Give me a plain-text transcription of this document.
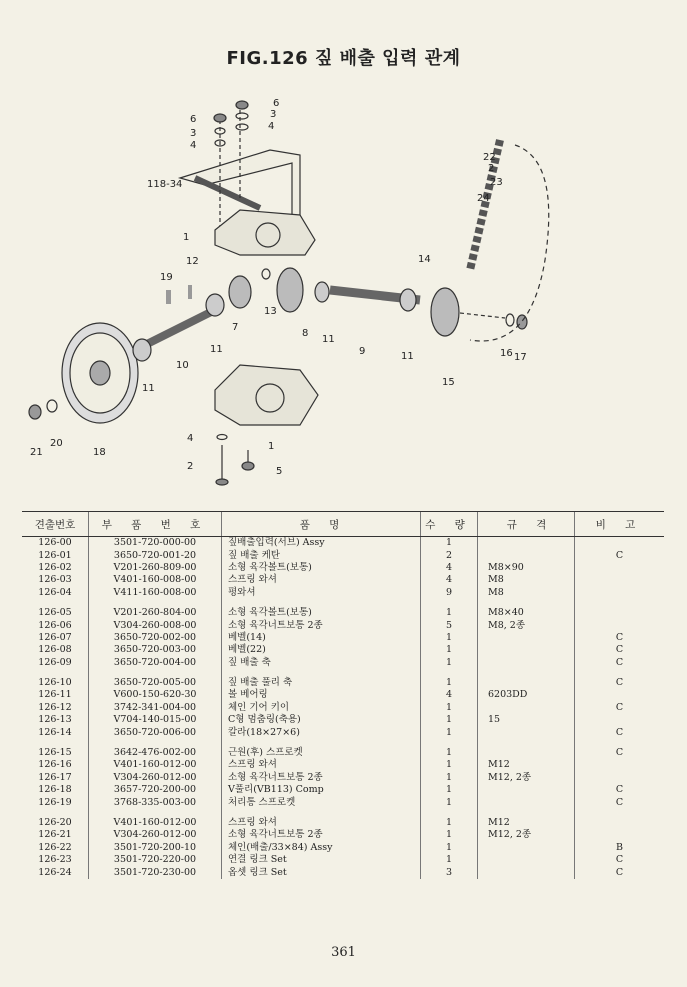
FIG.126 짚 배출 입력 관계
6
3
4
6
3
4
118-34
1
19
12
7
13
8
11
9	11
14
15
16 17
22
2
23
24
11
10
11
18
20
21
4
2	5
1
견출번호	부 품 번 호	품 명	수 량	규 격	비 고
126-00	3501-720-000-00	짚배출입력(서브) Assy	1		
126-01	3650-720-001-20	짚 배출 케탄	2		C
126-02	V201-260-809-00	소형 육각볼트(보통)	4	M8×90	
126-03	V401-160-008-00	스프링 와셔	4	M8	
126-04	V411-160-008-00	평와셔	9	M8	

126-05	V201-260-804-00	소형 육각볼트(보통)	1	M8×40	
126-06	V304-260-008-00	소형 육각너트보통 2종	5	M8, 2종	
126-07	3650-720-002-00	베벨(14)	1		C
126-08	3650-720-003-00	베벨(22)	1		C
126-09	3650-720-004-00	짚 배출 축	1		C

126-10	3650-720-005-00	짚 배출 풀리 축	1		C
126-11	V600-150-620-30	볼 베어링	4	6203DD	
126-12	3742-341-004-00	체인 기어 키이	1		C
126-13	V704-140-015-00	C형 멈춤링(축용)	1	15	
126-14	3650-720-006-00	칼라(18×27×6)	1		C

126-15	3642-476-002-00	근원(후) 스프로켓	1		C
126-16	V401-160-012-00	스프링 와셔	1	M12	
126-17	V304-260-012-00	소형 육각너트보통 2종	1	M12, 2종	
126-18	3657-720-200-00	V풀리(VB113) Comp	1		C
126-19	3768-335-003-00	처리통 스프로켓	1		C

126-20	V401-160-012-00	스프링 와셔	1	M12	
126-21	V304-260-012-00	소형 육각너트보통 2종	1	M12, 2종	
126-22	3501-720-200-10	체인(배출/33×84) Assy	1		B
126-23	3501-720-220-00	연결 링크 Set	1		C
126-24	3501-720-230-00	옵셋 링크 Set	3		C
361
